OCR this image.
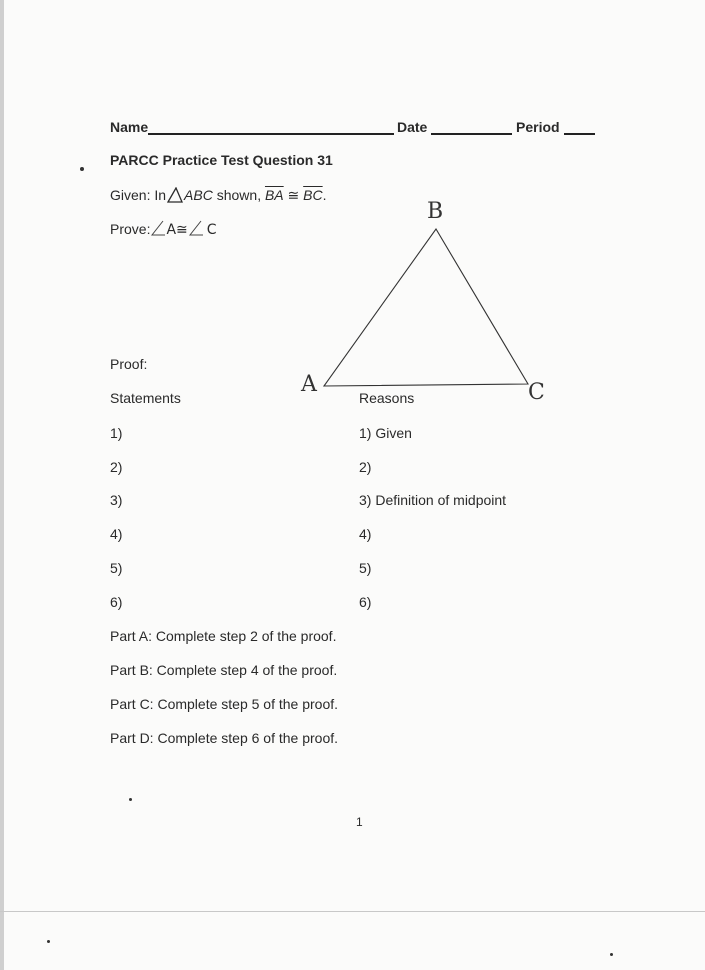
Name	Date	Period
PARCC Practice Test Question 31
Given: In ABC shown, $\overline{BA}$ ≅ $\overline{BC}$.
Prove: A≅ C
A
B
C
Proof:
Statements	Reasons
1)	1) Given
2)	2)
3)	3) Definition of midpoint
4)	4)
5)	5)
6)	6)
Part A: Complete step 2 of the proof.
Part B: Complete step 4 of the proof.
Part C: Complete step 5 of the proof.
Part D: Complete step 6 of the proof.
1
